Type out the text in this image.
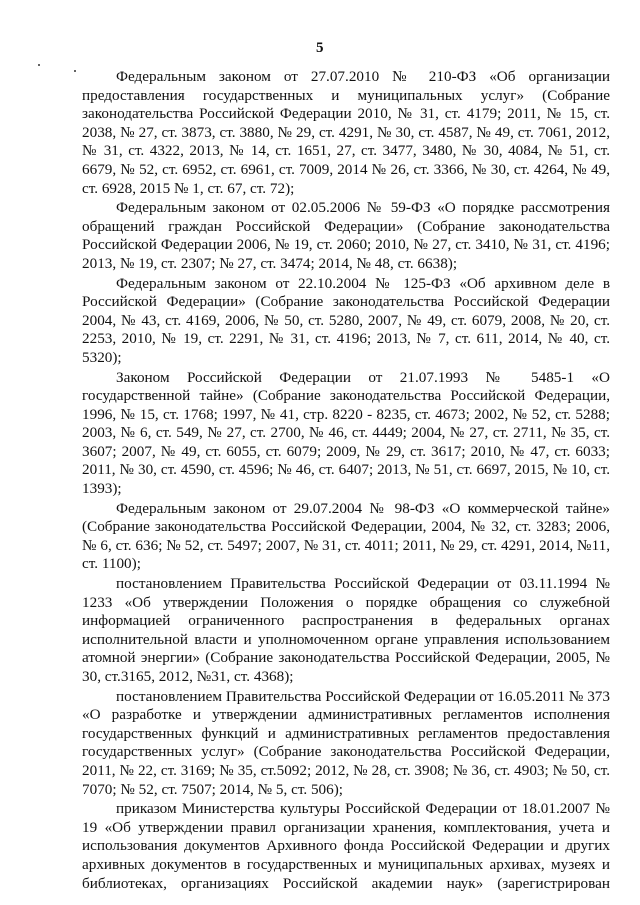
5

Федеральным законом от 27.07.2010 № 210-ФЗ «Об организации предоставления государственных и муниципальных услуг» (Собрание законодательства Российской Федерации 2010, № 31, ст. 4179; 2011, № 15, ст. 2038, № 27, ст. 3873, ст. 3880, № 29, ст. 4291, № 30, ст. 4587, № 49, ст. 7061, 2012, № 31, ст. 4322, 2013, № 14, ст. 1651, 27, ст. 3477, 3480, № 30, 4084, № 51, ст. 6679, № 52, ст. 6952, ст. 6961, ст. 7009, 2014 № 26, ст. 3366, № 30, ст. 4264, № 49, ст. 6928, 2015 № 1, ст. 67, ст. 72);

Федеральным законом от 02.05.2006 № 59-ФЗ «О порядке рассмотрения обращений граждан Российской Федерации» (Собрание законодательства Российской Федерации 2006, № 19, ст. 2060; 2010, № 27, ст. 3410, № 31, ст. 4196; 2013, № 19, ст. 2307; № 27, ст. 3474; 2014, № 48, ст. 6638);

Федеральным законом от 22.10.2004 № 125-ФЗ «Об архивном деле в Российской Федерации» (Собрание законодательства Российской Федерации 2004, № 43, ст. 4169, 2006, № 50, ст. 5280, 2007, № 49, ст. 6079, 2008, № 20, ст. 2253, 2010, № 19, ст. 2291, № 31, ст. 4196; 2013, № 7, ст. 611, 2014, № 40, ст. 5320);

Законом Российской Федерации от 21.07.1993 № 5485-1 «О государственной тайне» (Собрание законодательства Российской Федерации, 1996, № 15, ст. 1768; 1997, № 41, стр. 8220 - 8235, ст. 4673; 2002, № 52, ст. 5288; 2003, № 6, ст. 549, № 27, ст. 2700, № 46, ст. 4449; 2004, № 27, ст. 2711, № 35, ст. 3607; 2007, № 49, ст. 6055, ст. 6079; 2009, № 29, ст. 3617; 2010, № 47, ст. 6033; 2011, № 30, ст. 4590, ст. 4596; № 46, ст. 6407; 2013, № 51, ст. 6697, 2015, № 10, ст. 1393);

Федеральным законом от 29.07.2004 № 98-ФЗ «О коммерческой тайне» (Собрание законодательства Российской Федерации, 2004, № 32, ст. 3283; 2006, № 6, ст. 636; № 52, ст. 5497; 2007, № 31, ст. 4011; 2011, № 29, ст. 4291, 2014, №11, ст. 1100);

постановлением Правительства Российской Федерации от 03.11.1994 № 1233 «Об утверждении Положения о порядке обращения со служебной информацией ограниченного распространения в федеральных органах исполнительной власти и уполномоченном органе управления использованием атомной энергии» (Собрание законодательства Российской Федерации, 2005, № 30, ст.3165, 2012, №31, ст. 4368);

постановлением Правительства Российской Федерации от 16.05.2011 № 373 «О разработке и утверждении административных регламентов исполнения государственных функций и административных регламентов предоставления государственных услуг» (Собрание законодательства Российской Федерации, 2011, № 22, ст. 3169; № 35, ст.5092; 2012, № 28, ст. 3908; № 36, ст. 4903; № 50, ст. 7070; № 52, ст. 7507; 2014, № 5, ст. 506);

приказом Министерства культуры Российской Федерации от 18.01.2007 № 19 «Об утверждении правил организации хранения, комплектования, учета и использования документов Архивного фонда Российской Федерации и других архивных документов в государственных и муниципальных архивах, музеях и библиотеках, организациях Российской академии наук» (зарегистрирован
